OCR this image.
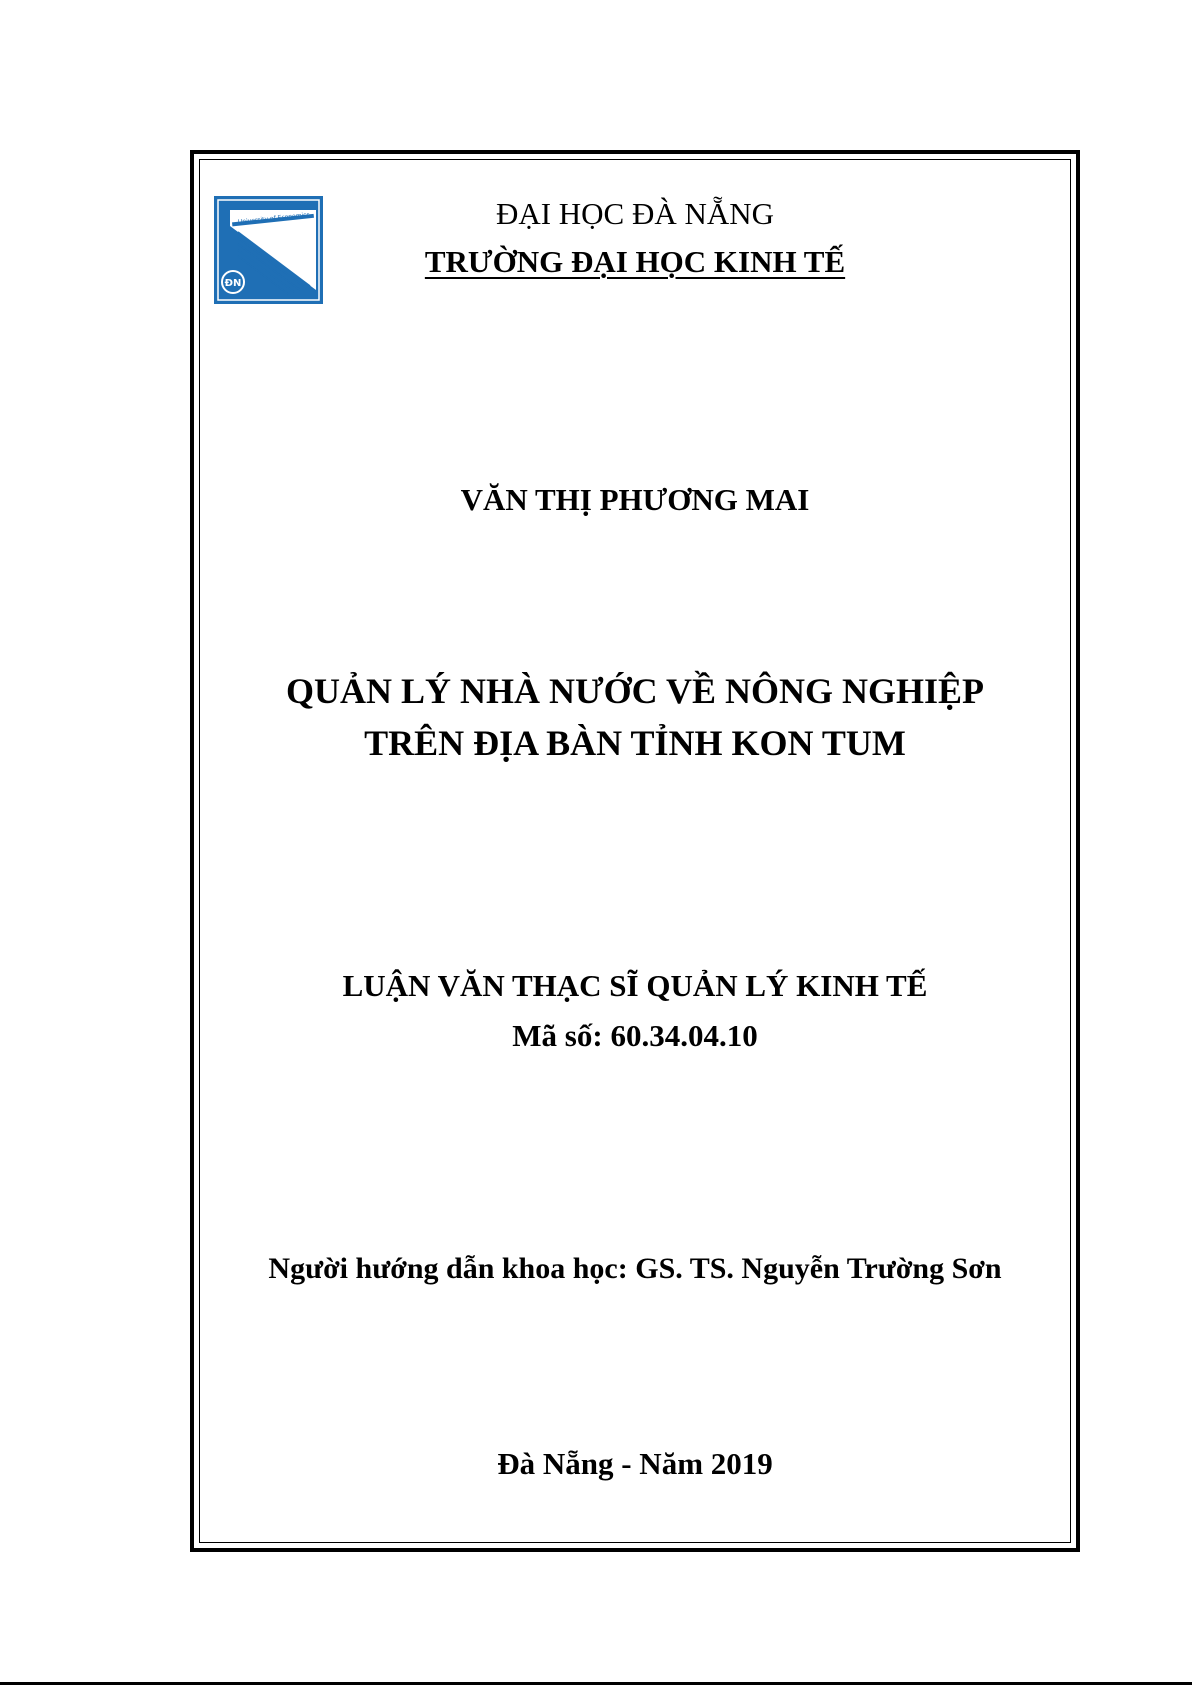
ĐN
University of Economics	ĐẠI HỌC ĐÀ NẴNG
TRƯỜNG ĐẠI HỌC KINH TẾ
VĂN THỊ PHƯƠNG MAI
QUẢN LÝ NHÀ NƯỚC VỀ NÔNG NGHIỆP
TRÊN ĐỊA BÀN TỈNH KON TUM
LUẬN VĂN THẠC SĨ QUẢN LÝ KINH TẾ
Mã số: 60.34.04.10
Người hướng dẫn khoa học: GS. TS. Nguyễn Trường Sơn
Đà Nẵng - Năm 2019
